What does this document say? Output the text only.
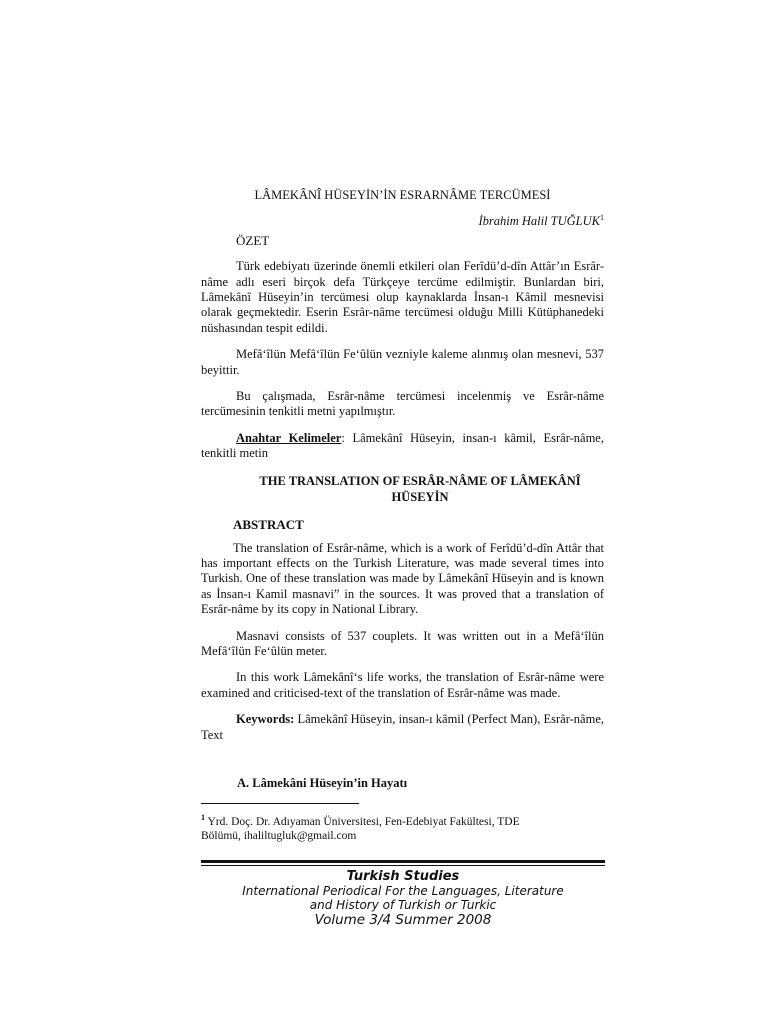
LÂMEKÂNÎ HÜSEYİN’İN ESRARNÂME TERCÜMESİ
İbrahim Halil TUĞLUK$^1$
ÖZET

Türk edebiyatı üzerinde önemli etkileri olan Ferîdü’d-dîn Attâr’ın Esrâr-nâme adlı eseri birçok defa Türkçeye tercüme edilmiştir. Bunlardan biri, Lâmekânî Hüseyin’in tercümesi olup kaynaklarda İnsan-ı Kâmil mesnevisi olarak geçmektedir. Eserin Esrâr-nâme tercümesi olduğu Milli Kütüphanedeki nüshasından tespit edildi.

Mefâ‘îlün Mefâ‘îlün Fe‘ûlün vezniyle kaleme alınmış olan mesnevi, 537 beyittir.

Bu çalışmada, Esrâr-nâme tercümesi incelenmiş ve Esrâr-nâme tercümesinin tenkitli metni yapılmıştır.

Anahtar Kelimeler: Lâmekânî Hüseyin, insan-ı kâmil, Esrâr-nâme, tenkitli metin

THE TRANSLATION OF ESRÂR-NÂME OF LÂMEKÂNÎ HÜSEYİN
ABSTRACT

The translation of Esrâr-nâme, which is a work of Ferîdü’d-dîn Attâr that has important effects on the Turkish Literature, was made several times into Turkish. One of these translation was made by Lâmekânî Hüseyin and is known as İnsan-ı Kamil masnavi” in the sources. It was proved that a translation of Esrâr-nâme by its copy in National Library.

Masnavi consists of 537 couplets. It was written out in a Mefâ‘îlün Mefâ‘îlün Fe‘ûlün meter.

In this work Lâmekânî‘s life works, the translation of Esrâr-nâme were examined and criticised-text of the translation of Esrâr-nâme was made.

Keywords: Lâmekânî Hüseyin, insan-ı kâmil (Perfect Man), Esrâr-nâme, Text

A. Lâmekâni Hüseyin’in Hayatı

$^1$ Yrd. Doç. Dr. Adıyaman Üniversitesi, Fen-Edebiyat Fakültesi, TDE
Bölümü, ihaliltugluk@gmail.com

Turkish Studies

International Periodical For the Languages, Literature

and History of Turkish or Turkic

Volume 3/4 Summer 2008
